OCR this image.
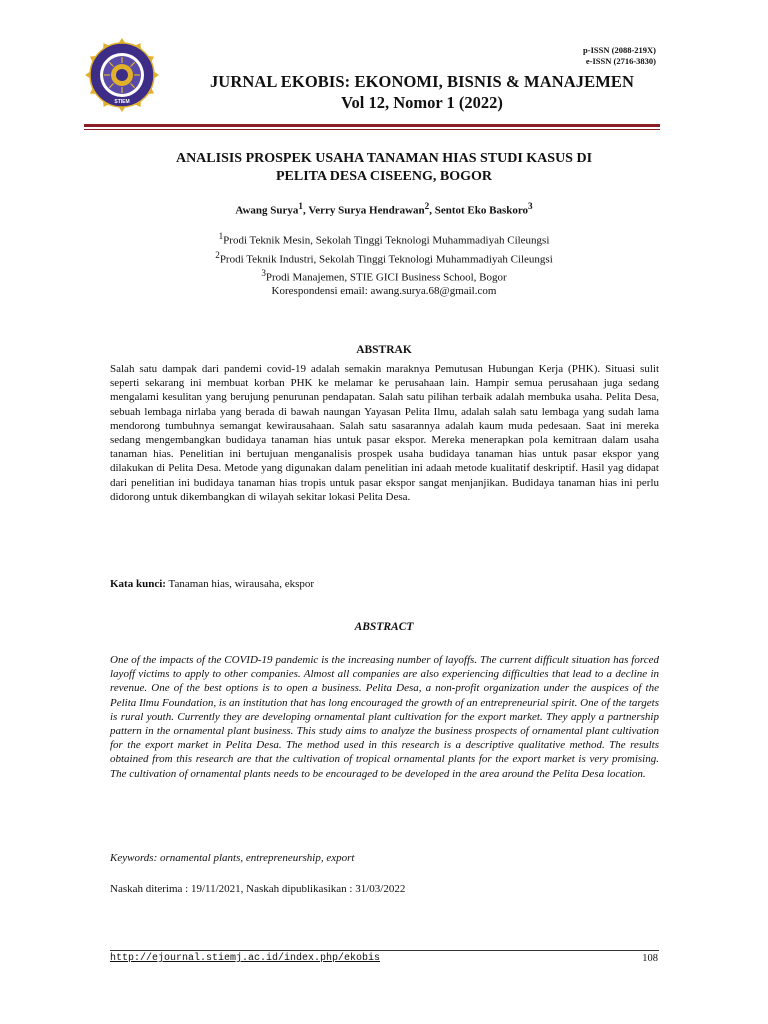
STIEM
p-ISSN (2088-219X)
e-ISSN (2716-3830)
JURNAL EKOBIS: EKONOMI, BISNIS & MANAJEMEN
Vol 12, Nomor 1 (2022)
ANALISIS PROSPEK USAHA TANAMAN HIAS STUDI KASUS DI
PELITA DESA CISEENG, BOGOR
Awang Surya$^1$, Verry Surya Hendrawan$^2$, Sentot Eko Baskoro$^3$
$^1$Prodi Teknik Mesin, Sekolah Tinggi Teknologi Muhammadiyah Cileungsi
$^2$Prodi Teknik Industri, Sekolah Tinggi Teknologi Muhammadiyah Cileungsi
$^3$Prodi Manajemen, STIE GICI Business School, Bogor
Korespondensi email: awang.surya.68@gmail.com
ABSTRAK
Salah satu dampak dari pandemi covid-19 adalah semakin maraknya Pemutusan Hubungan Kerja (PHK). Situasi sulit seperti sekarang ini membuat korban PHK ke melamar ke perusahaan lain. Hampir semua perusahaan juga sedang mengalami kesulitan yang berujung penurunan pendapatan. Salah satu pilihan terbaik adalah membuka usaha. Pelita Desa, sebuah lembaga nirlaba yang berada di bawah naungan Yayasan Pelita Ilmu, adalah salah satu lembaga yang sudah lama mendorong tumbuhnya semangat kewirausahaan. Salah satu sasarannya adalah kaum muda pedesaan. Saat ini mereka sedang mengembangkan budidaya tanaman hias untuk pasar ekspor. Mereka menerapkan pola kemitraan dalam usaha tanaman hias. Penelitian ini bertujuan menganalisis prospek usaha budidaya tanaman hias untuk pasar ekspor yang dilakukan di Pelita Desa. Metode yang digunakan dalam penelitian ini adaah metode kualitatif deskriptif. Hasil yag didapat dari penelitian ini budidaya tanaman hias tropis untuk pasar ekspor sangat menjanjikan. Budidaya tanaman hias ini perlu didorong untuk dikembangkan di wilayah sekitar lokasi Pelita Desa.
Kata kunci: Tanaman hias, wirausaha, ekspor
ABSTRACT
One of the impacts of the COVID-19 pandemic is the increasing number of layoffs. The current difficult situation has forced layoff victims to apply to other companies. Almost all companies are also experiencing difficulties that lead to a decline in revenue. One of the best options is to open a business. Pelita Desa, a non-profit organization under the auspices of the Pelita Ilmu Foundation, is an institution that has long encouraged the growth of an entrepreneurial spirit. One of the targets is rural youth. Currently they are developing ornamental plant cultivation for the export market. They apply a partnership pattern in the ornamental plant business. This study aims to analyze the business prospects of ornamental plant cultivation for the export market in Pelita Desa. The method used in this research is a descriptive qualitative method. The results obtained from this research are that the cultivation of tropical ornamental plants for the export market is very promising. The cultivation of ornamental plants needs to be encouraged to be developed in the area around the Pelita Desa location.
Keywords: ornamental plants, entrepreneurship, export
Naskah diterima : 19/11/2021, Naskah dipublikasikan : 31/03/2022
http://ejournal.stiemj.ac.id/index.php/ekobis	108
